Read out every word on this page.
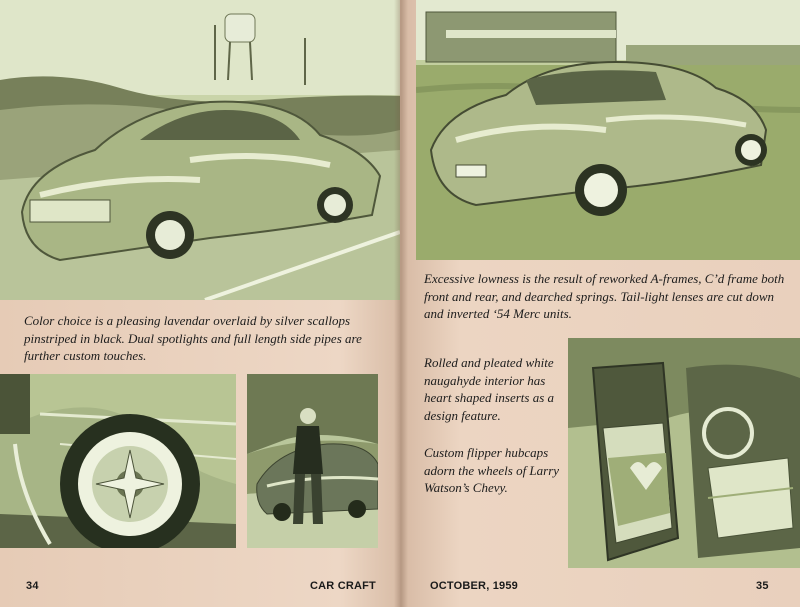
Color choice is a pleasing lavendar overlaid by silver scallops pinstriped in black. Dual spotlights and full length side pipes are further custom touches.
34	CAR CRAFT
Excessive lowness is the result of reworked A-frames, C’d frame both front and rear, and dearched springs. Tail-light lenses are cut down and inverted ‘54 Merc units.
Rolled and pleated white naugahyde interior has heart shaped inserts as a design feature.
Custom flipper hubcaps adorn the wheels of Larry Watson’s Chevy.
OCTOBER, 1959	35
